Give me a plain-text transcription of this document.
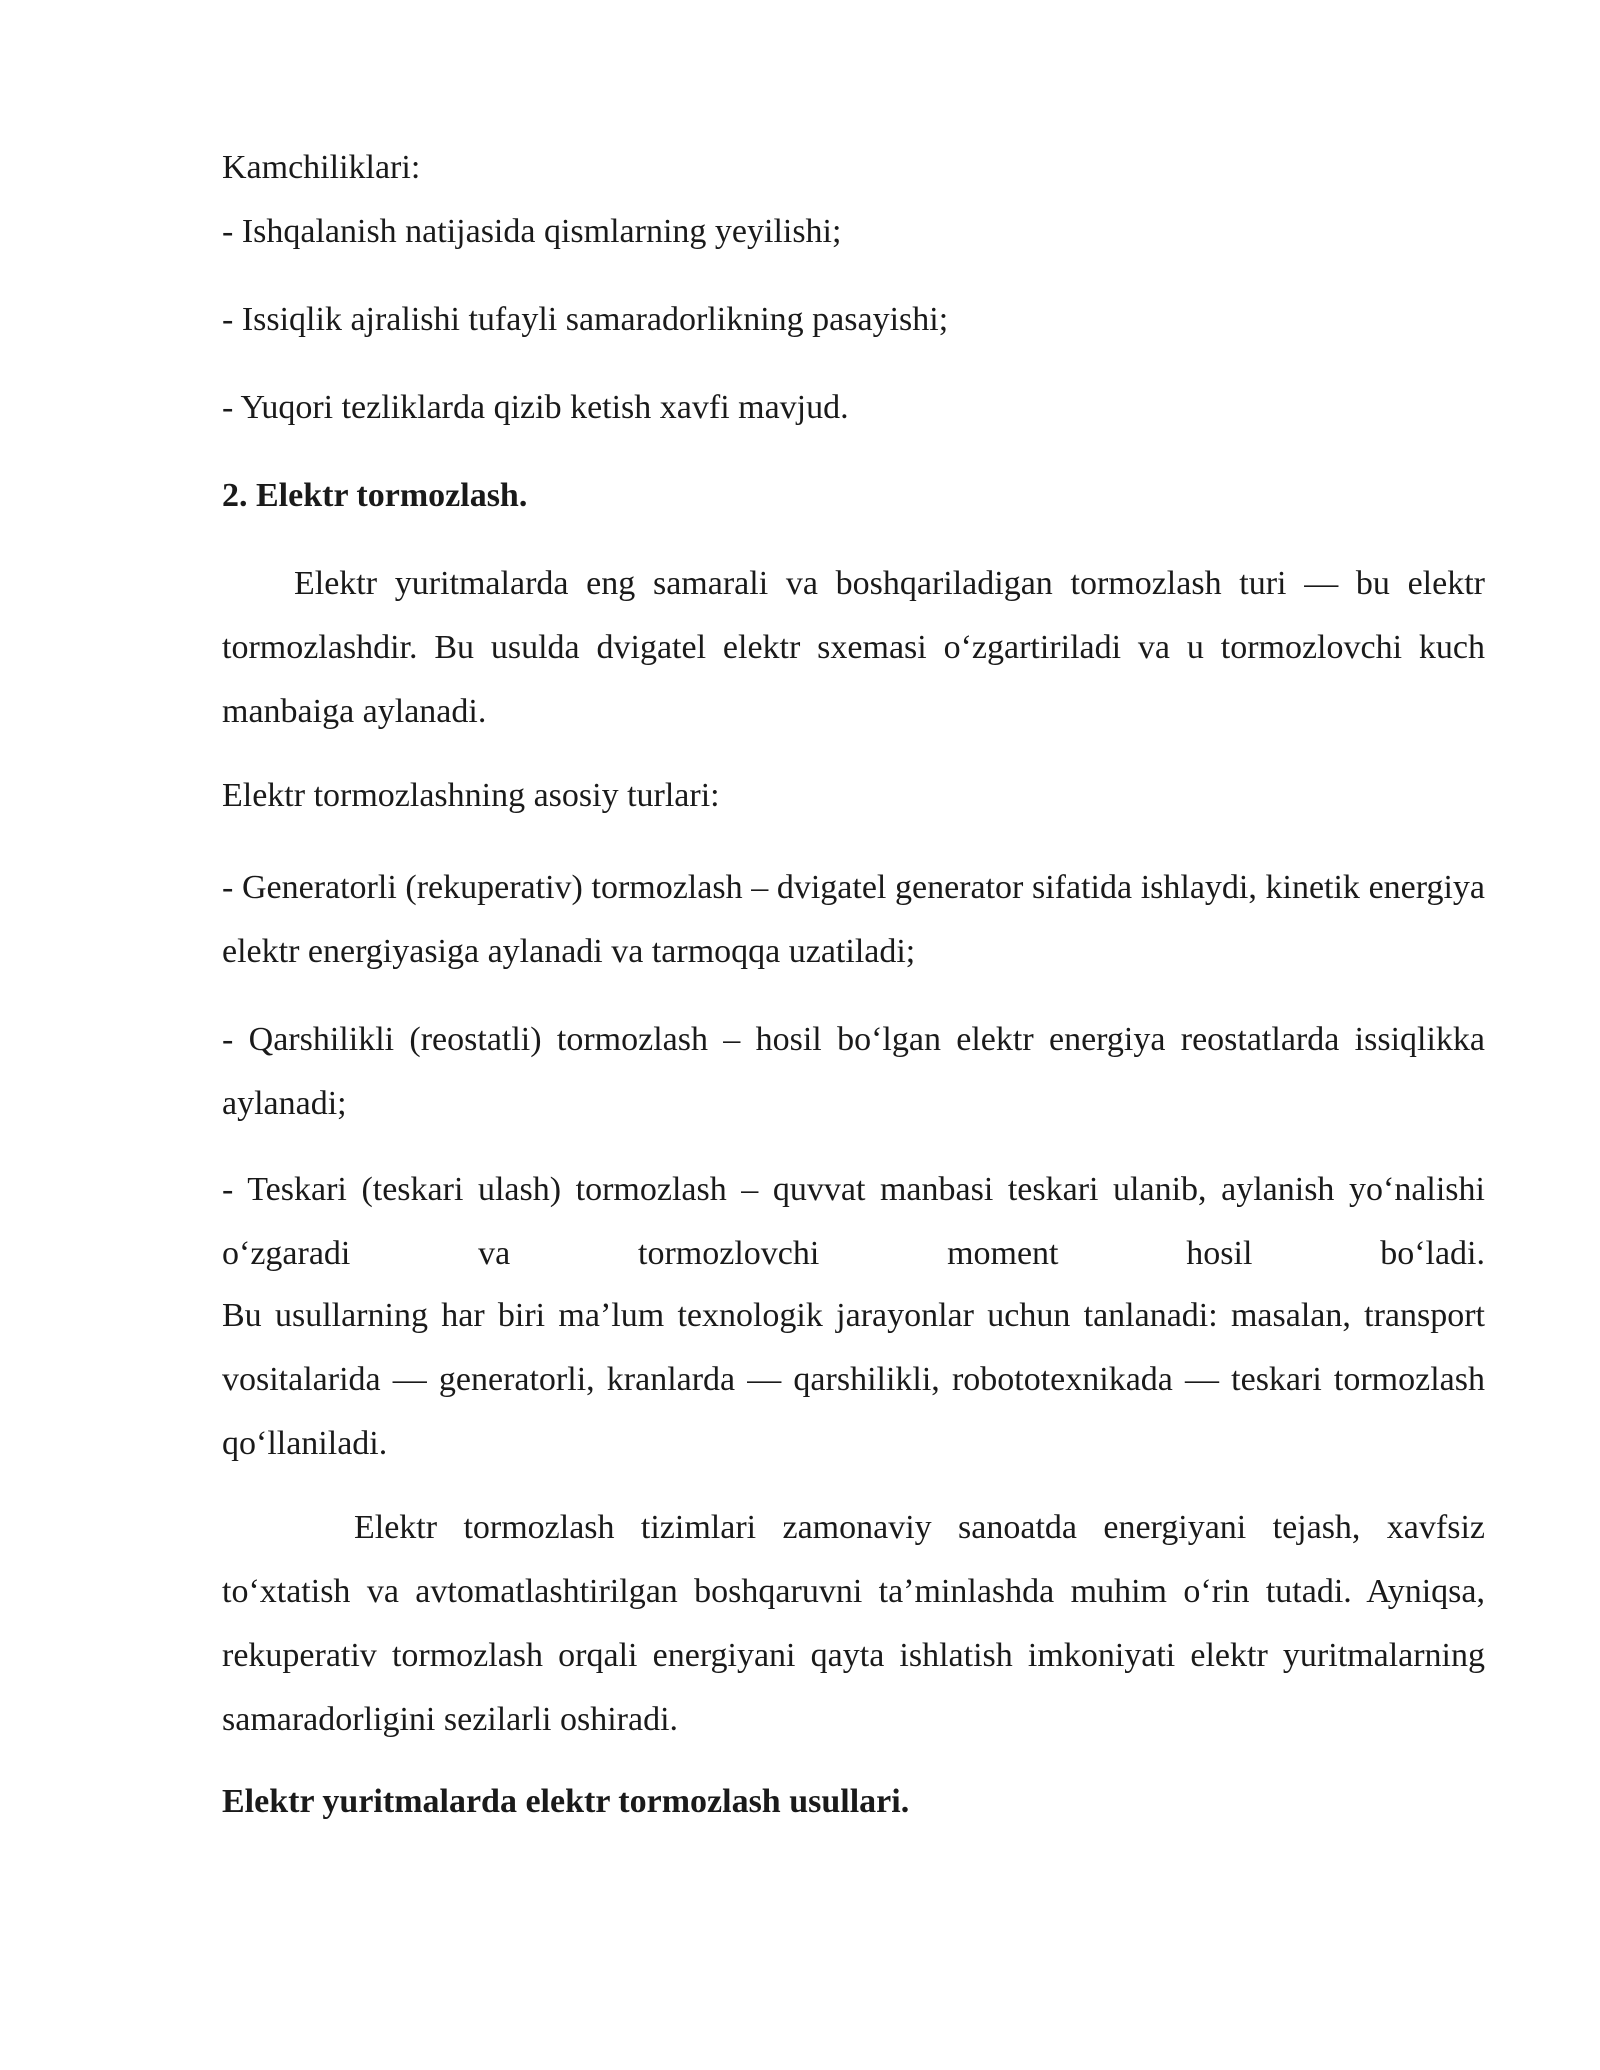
Kamchiliklari:

- Ishqalanish natijasida qismlarning yeyilishi;

- Issiqlik ajralishi tufayli samaradorlikning pasayishi;

- Yuqori tezliklarda qizib ketish xavfi mavjud.

2. Elektr tormozlash.

Elektr yuritmalarda eng samarali va boshqariladigan tormozlash turi — bu elektr tormozlashdir. Bu usulda dvigatel elektr sxemasi oʻzgartiriladi va u tormozlovchi kuch manbaiga aylanadi.

Elektr tormozlashning asosiy turlari:

- Generatorli (rekuperativ) tormozlash – dvigatel generator sifatida ishlaydi, kinetik energiya elektr energiyasiga aylanadi va tarmoqqa uzatiladi;

- Qarshilikli (reostatli) tormozlash – hosil boʻlgan elektr energiya reostatlarda issiqlikka aylanadi;

- Teskari (teskari ulash) tormozlash – quvvat manbasi teskari ulanib, aylanish yoʻnalishi oʻzgaradi va tormozlovchi moment hosil boʻladi.

Bu usullarning har biri maʼlum texnologik jarayonlar uchun tanlanadi: masalan, transport vositalarida — generatorli, kranlarda — qarshilikli, robototexnikada — teskari tormozlash qoʻllaniladi.

Elektr tormozlash tizimlari zamonaviy sanoatda energiyani tejash, xavfsiz toʻxtatish va avtomatlashtirilgan boshqaruvni taʼminlashda muhim oʻrin tutadi. Ayniqsa, rekuperativ tormozlash orqali energiyani qayta ishlatish imkoniyati elektr yuritmalarning samaradorligini sezilarli oshiradi.

Elektr yuritmalarda elektr tormozlash usullari.
